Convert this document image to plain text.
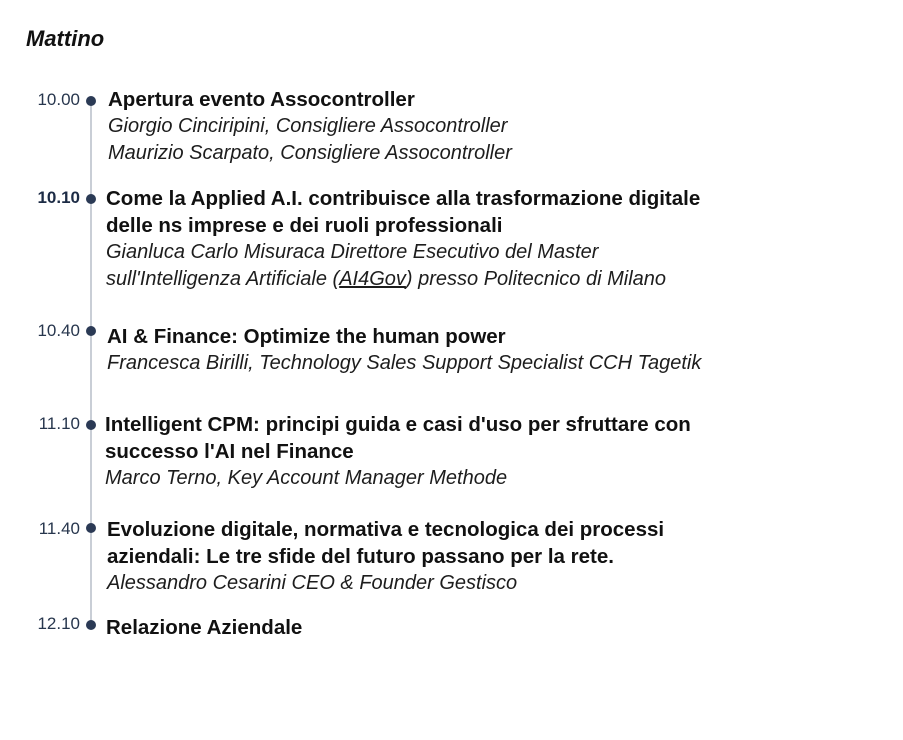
Mattino
10.00 Apertura evento Assocontroller
Giorgio Cinciripini, Consigliere Assocontroller
Maurizio Scarpato, Consigliere Assocontroller
10.10 Come la Applied A.I. contribuisce alla trasformazione digitale
delle ns imprese e dei ruoli professionali
Gianluca Carlo Misuraca Direttore Esecutivo del Master
sull'Intelligenza Artificiale (AI4Gov) presso Politecnico di Milano
10.40 AI & Finance: Optimize the human power
Francesca Birilli, Technology Sales Support Specialist CCH Tagetik
11.10 Intelligent CPM: principi guida e casi d'uso per sfruttare con
successo l'AI nel Finance
Marco Terno, Key Account Manager Methode
11.40 Evoluzione digitale, normativa e tecnologica dei processi
aziendali: Le tre sfide del futuro passano per la rete.
Alessandro Cesarini CEO & Founder Gestisco
12.10 Relazione Aziendale
